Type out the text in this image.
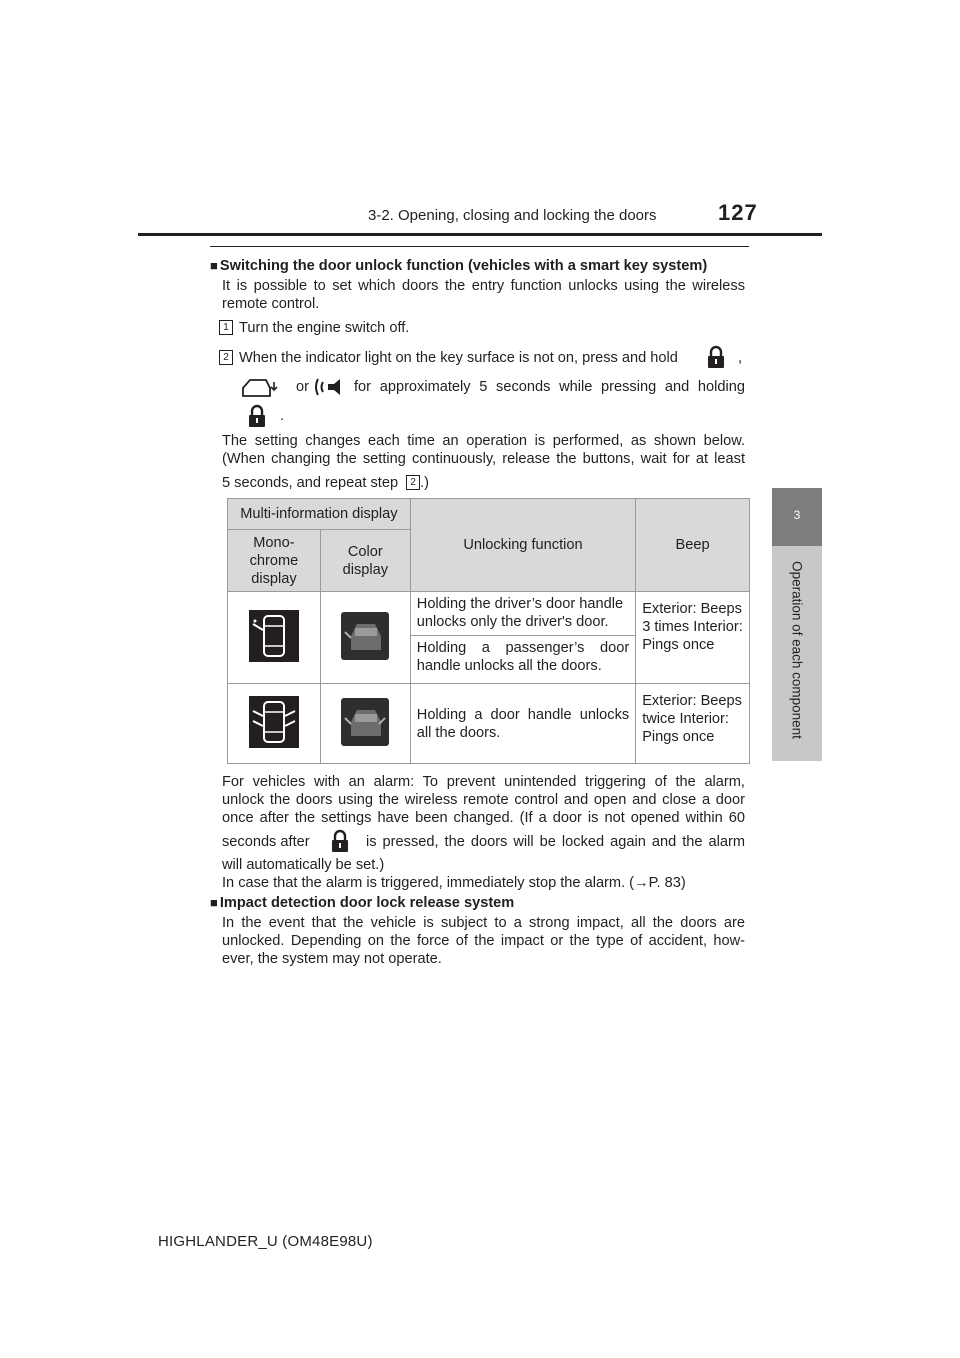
3-2. Opening, closing and locking the doors	127
3
Operation of each component
■ Switching the door unlock function (vehicles with a smart key system)
It is possible to set which doors the entry function unlocks using the wireless
remote control.
1 Turn the engine switch off.
2 When the indicator light on the key surface is not on, press and hold	,
or	for approximately 5 seconds while pressing and holding
.
The setting changes each time an operation is performed, as shown below.
(When changing the setting continuously, release the buttons, wait for at least
5 seconds, and repeat step 2 .)
Multi-information display		Unlocking function	Beep
Mono-chrome display	Color display		
		Holding the driver’s door handle unlocks only the driver's door.	Exterior: Beeps 3 times Interior: Pings once
		Holding a passenger’s door handle unlocks all the doors.	
		Holding a door handle unlocks all the doors.	Exterior: Beeps twice Interior: Pings once
For vehicles with an alarm: To prevent unintended triggering of the alarm,
unlock the doors using the wireless remote control and open and close a door
once after the settings have been changed. (If a door is not opened within 60
seconds after	is pressed, the doors will be locked again and the alarm
will automatically be set.)
In case that the alarm is triggered, immediately stop the alarm. (→P. 83)
■ Impact detection door lock release system
In the event that the vehicle is subject to a strong impact, all the doors are
unlocked. Depending on the force of the impact or the type of accident, how-
ever, the system may not operate.
HIGHLANDER_U (OM48E98U)
